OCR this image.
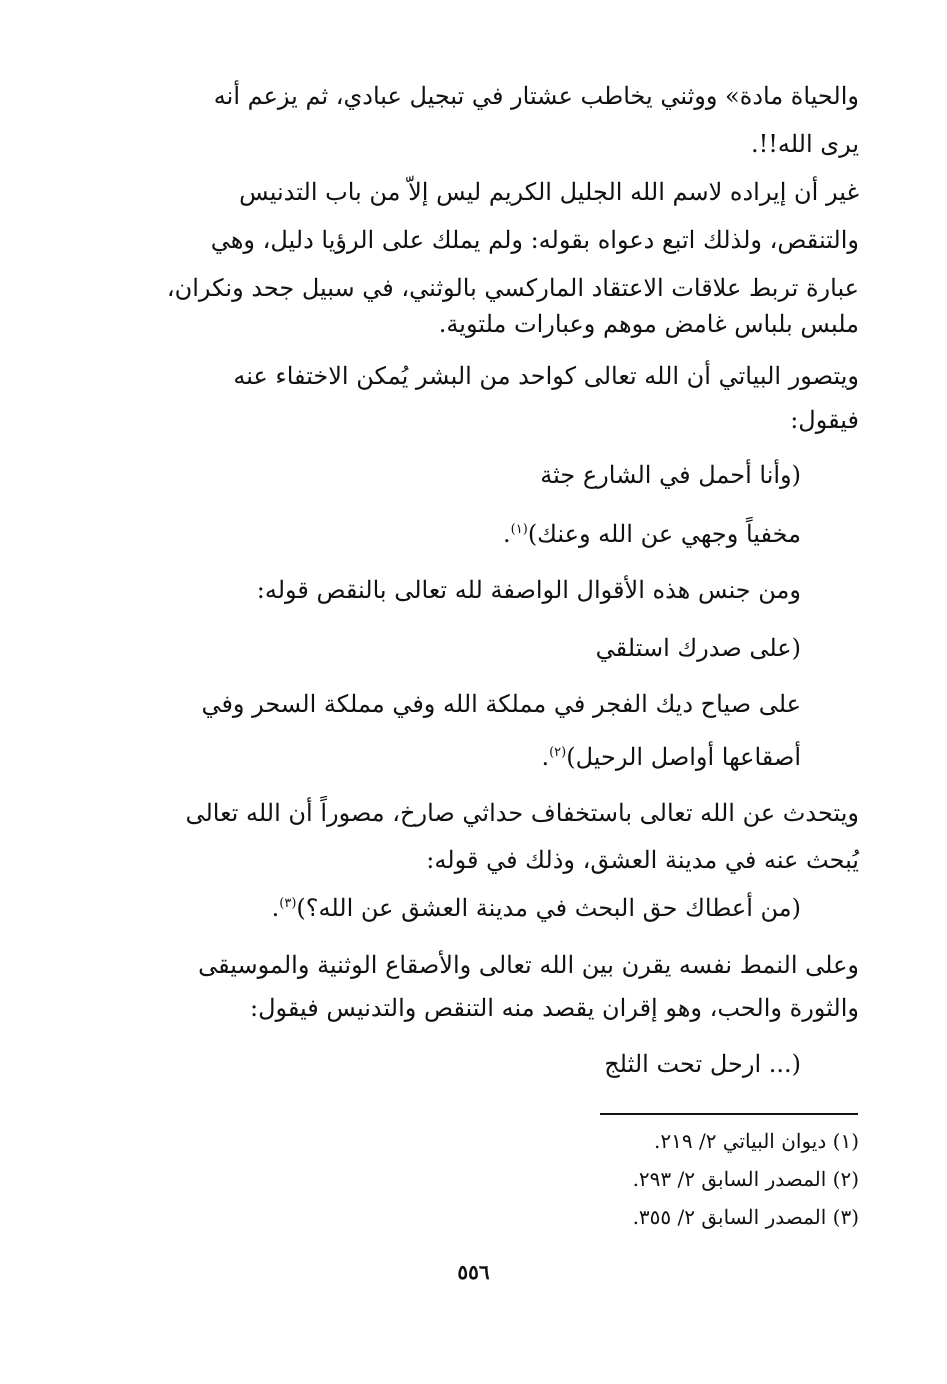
والحياة مادة» ووثني يخاطب عشتار في تبجيل عبادي، ثم يزعم أنه
يرى الله!!.
غير أن إيراده لاسم الله الجليل الكريم ليس إلاّ من باب التدنيس
والتنقص، ولذلك اتبع دعواه بقوله: ولم يملك على الرؤيا دليل، وهي
عبارة تربط علاقات الاعتقاد الماركسي بالوثني، في سبيل جحد ونكران،
ملبس بلباس غامض موهم وعبارات ملتوية.
ويتصور البياتي أن الله تعالى كواحد من البشر يُمكن الاختفاء عنه
فيقول:
(وأنا أحمل في الشارع جثة
مخفياً وجهي عن الله وعنك)$^{(١)}$.
ومن جنس هذه الأقوال الواصفة لله تعالى بالنقص قوله:
(على صدرك استلقي
على صياح ديك الفجر في مملكة الله وفي مملكة السحر وفي
أصقاعها أواصل الرحيل)$^{(٢)}$.
ويتحدث عن الله تعالى باستخفاف حداثي صارخ، مصوراً أن الله تعالى
يُبحث عنه في مدينة العشق، وذلك في قوله:
(من أعطاك حق البحث في مدينة العشق عن الله؟)$^{(٣)}$.
وعلى النمط نفسه يقرن بين الله تعالى والأصقاع الوثنية والموسيقى
والثورة والحب، وهو إقران يقصد منه التنقص والتدنيس فيقول:
(... ارحل تحت الثلج
(١) ديوان البياتي ٢/ ٢١٩.
(٢) المصدر السابق ٢/ ٢٩٣.
(٣) المصدر السابق ٢/ ٣٥٥.
٥٥٦
